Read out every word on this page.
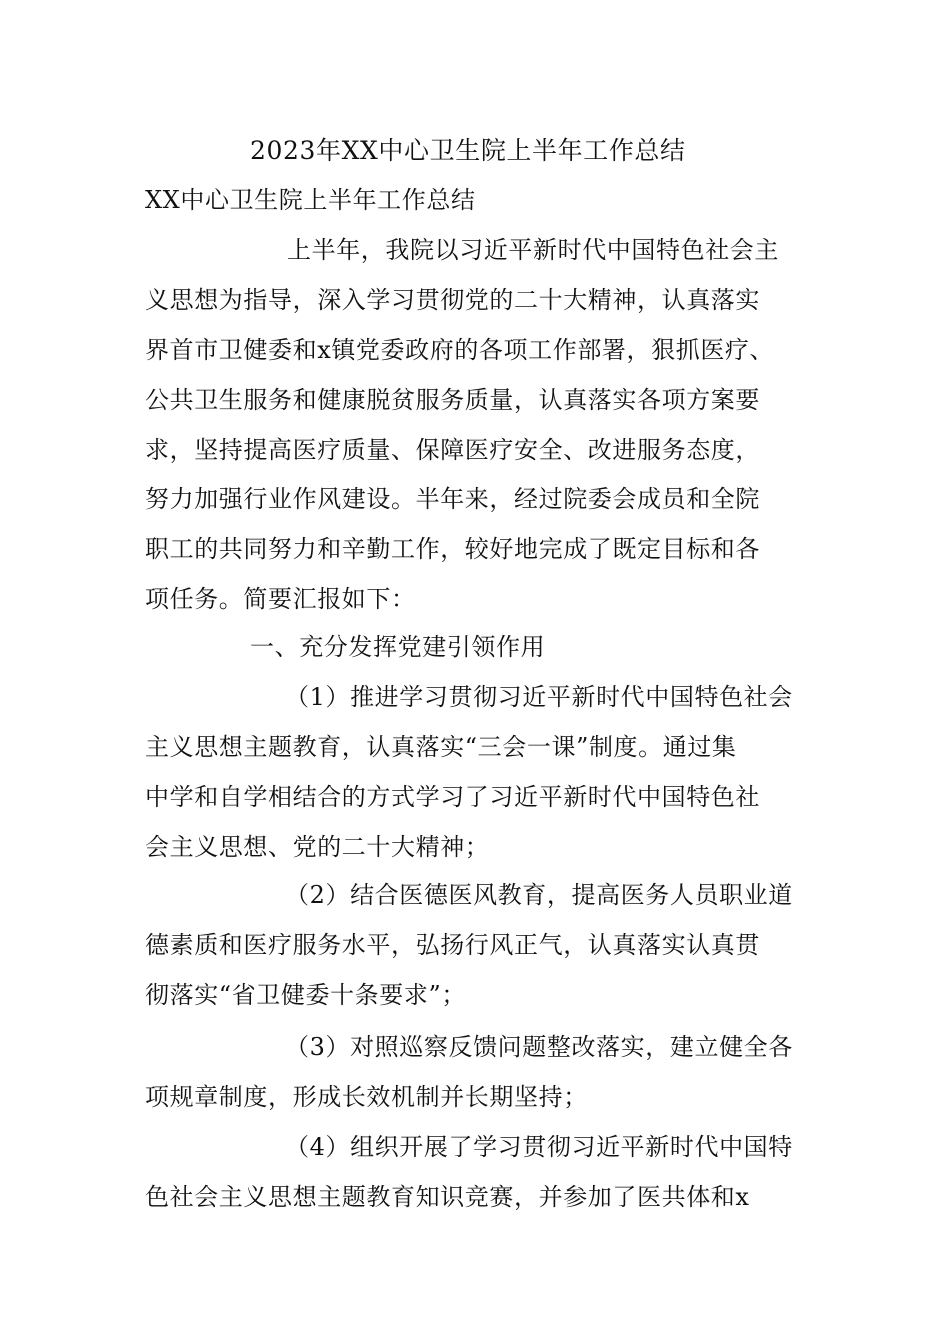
2023年XX中心卫生院上半年工作总结
XX中心卫生院上半年工作总结
上半年，我院以习近平新时代中国特色社会主
义思想为指导，深入学习贯彻党的二十大精神，认真落实
界首市卫健委和x镇党委政府的各项工作部署，狠抓医疗、
公共卫生服务和健康脱贫服务质量，认真落实各项方案要
求，坚持提高医疗质量、保障医疗安全、改进服务态度，
努力加强行业作风建设。半年来，经过院委会成员和全院
职工的共同努力和辛勤工作，较好地完成了既定目标和各
项任务。简要汇报如下：
一、充分发挥党建引领作用
（1）推进学习贯彻习近平新时代中国特色社会
主义思想主题教育，认真落实“三会一课”制度。通过集
中学和自学相结合的方式学习了习近平新时代中国特色社
会主义思想、党的二十大精神；
（2）结合医德医风教育，提高医务人员职业道
德素质和医疗服务水平，弘扬行风正气，认真落实认真贯
彻落实“省卫健委十条要求”；
（3）对照巡察反馈问题整改落实，建立健全各
项规章制度，形成长效机制并长期坚持；
（4）组织开展了学习贯彻习近平新时代中国特
色社会主义思想主题教育知识竞赛，并参加了医共体和x
